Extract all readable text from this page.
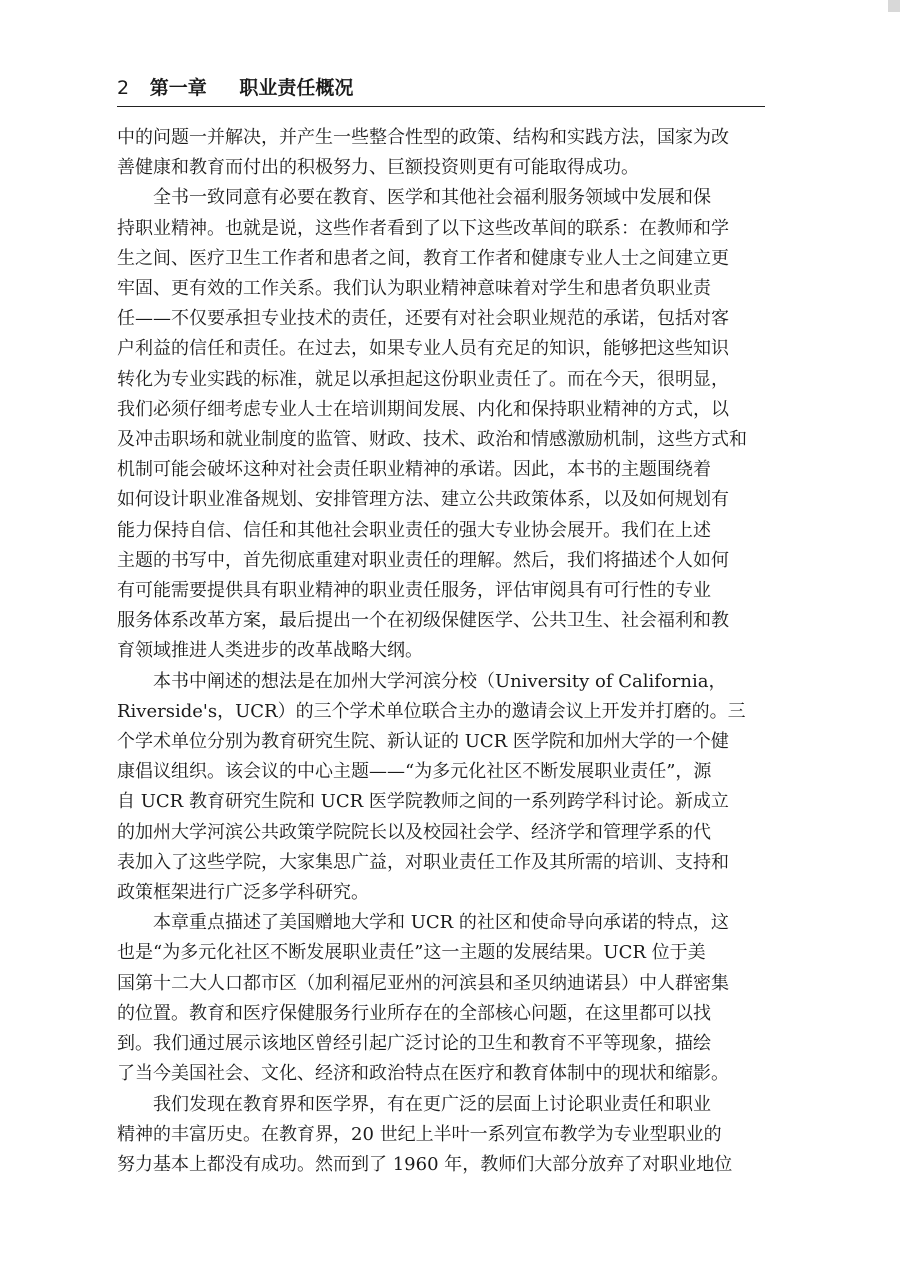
2 第一章 职业责任概况

中的问题一并解决，并产生一些整合性型的政策、结构和实践方法，国家为改
善健康和教育而付出的积极努力、巨额投资则更有可能取得成功。

　　全书一致同意有必要在教育、医学和其他社会福利服务领域中发展和保
持职业精神。也就是说，这些作者看到了以下这些改革间的联系：在教师和学
生之间、医疗卫生工作者和患者之间，教育工作者和健康专业人士之间建立更
牢固、更有效的工作关系。我们认为职业精神意味着对学生和患者负职业责
任——不仅要承担专业技术的责任，还要有对社会职业规范的承诺，包括对客
户利益的信任和责任。在过去，如果专业人员有充足的知识，能够把这些知识
转化为专业实践的标准，就足以承担起这份职业责任了。而在今天，很明显，
我们必须仔细考虑专业人士在培训期间发展、内化和保持职业精神的方式，以
及冲击职场和就业制度的监管、财政、技术、政治和情感激励机制，这些方式和
机制可能会破坏这种对社会责任职业精神的承诺。因此，本书的主题围绕着
如何设计职业准备规划、安排管理方法、建立公共政策体系，以及如何规划有
能力保持自信、信任和其他社会职业责任的强大专业协会展开。我们在上述
主题的书写中，首先彻底重建对职业责任的理解。然后，我们将描述个人如何
有可能需要提供具有职业精神的职业责任服务，评估审阅具有可行性的专业
服务体系改革方案，最后提出一个在初级保健医学、公共卫生、社会福利和教
育领域推进人类进步的改革战略大纲。

　　本书中阐述的想法是在加州大学河滨分校（University of California，
Riverside's，UCR）的三个学术单位联合主办的邀请会议上开发并打磨的。三
个学术单位分别为教育研究生院、新认证的 UCR 医学院和加州大学的一个健
康倡议组织。该会议的中心主题——“为多元化社区不断发展职业责任”，源
自 UCR 教育研究生院和 UCR 医学院教师之间的一系列跨学科讨论。新成立
的加州大学河滨公共政策学院院长以及校园社会学、经济学和管理学系的代
表加入了这些学院，大家集思广益，对职业责任工作及其所需的培训、支持和
政策框架进行广泛多学科研究。

　　本章重点描述了美国赠地大学和 UCR 的社区和使命导向承诺的特点，这
也是“为多元化社区不断发展职业责任”这一主题的发展结果。UCR 位于美
国第十二大人口都市区（加利福尼亚州的河滨县和圣贝纳迪诺县）中人群密集
的位置。教育和医疗保健服务行业所存在的全部核心问题，在这里都可以找
到。我们通过展示该地区曾经引起广泛讨论的卫生和教育不平等现象，描绘
了当今美国社会、文化、经济和政治特点在医疗和教育体制中的现状和缩影。

　　我们发现在教育界和医学界，有在更广泛的层面上讨论职业责任和职业
精神的丰富历史。在教育界，20 世纪上半叶一系列宣布教学为专业型职业的
努力基本上都没有成功。然而到了 1960 年，教师们大部分放弃了对职业地位
